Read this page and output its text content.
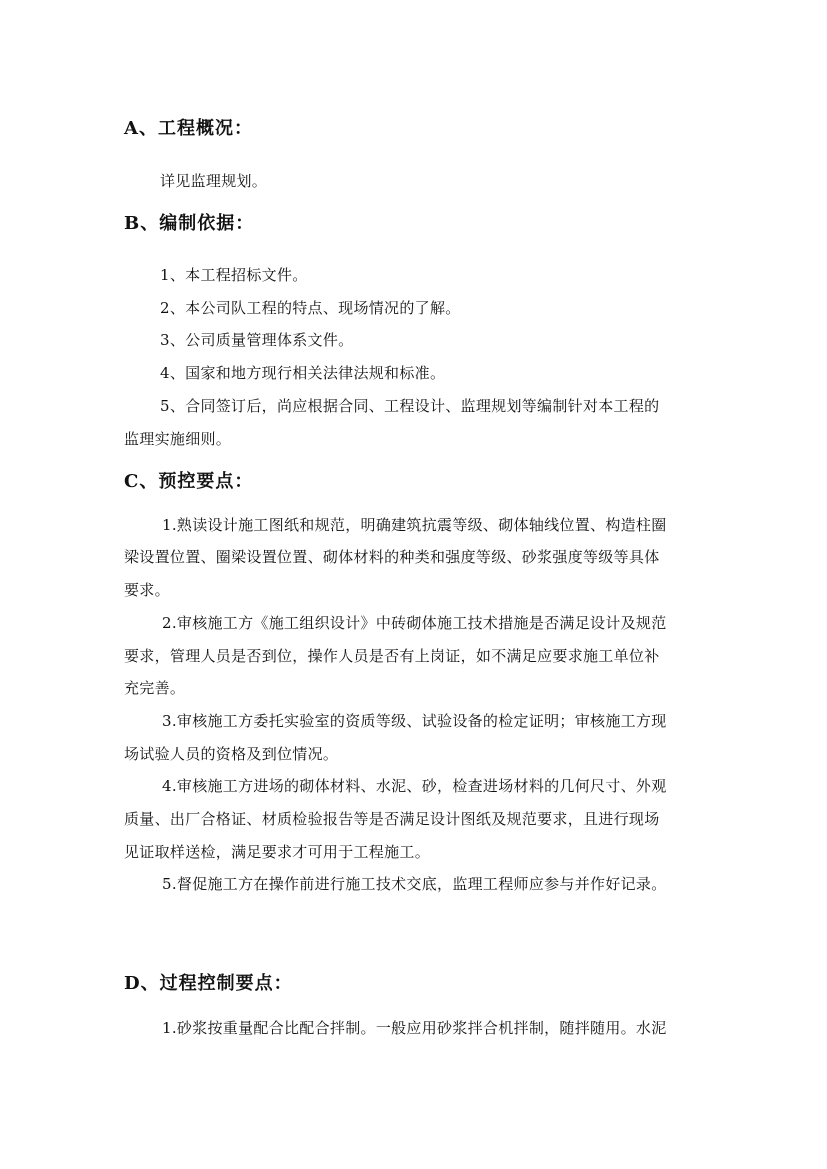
A、工程概况：
详见监理规划。
B、编制依据：
1、本工程招标文件。
2、本公司队工程的特点、现场情况的了解。
3、公司质量管理体系文件。
4、国家和地方现行相关法律法规和标准。
5、合同签订后，尚应根据合同、工程设计、监理规划等编制针对本工程的
监理实施细则。
C、预控要点：
1.熟读设计施工图纸和规范，明确建筑抗震等级、砌体轴线位置、构造柱圈
梁设置位置、圈梁设置位置、砌体材料的种类和强度等级、砂浆强度等级等具体
要求。
2.审核施工方《施工组织设计》中砖砌体施工技术措施是否满足设计及规范
要求，管理人员是否到位，操作人员是否有上岗证，如不满足应要求施工单位补
充完善。
3.审核施工方委托实验室的资质等级、试验设备的检定证明；审核施工方现
场试验人员的资格及到位情况。
4.审核施工方进场的砌体材料、水泥、砂，检查进场材料的几何尺寸、外观
质量、出厂合格证、材质检验报告等是否满足设计图纸及规范要求，且进行现场
见证取样送检，满足要求才可用于工程施工。
5.督促施工方在操作前进行施工技术交底，监理工程师应参与并作好记录。
D、过程控制要点：
1.砂浆按重量配合比配合拌制。一般应用砂浆拌合机拌制，随拌随用。水泥
